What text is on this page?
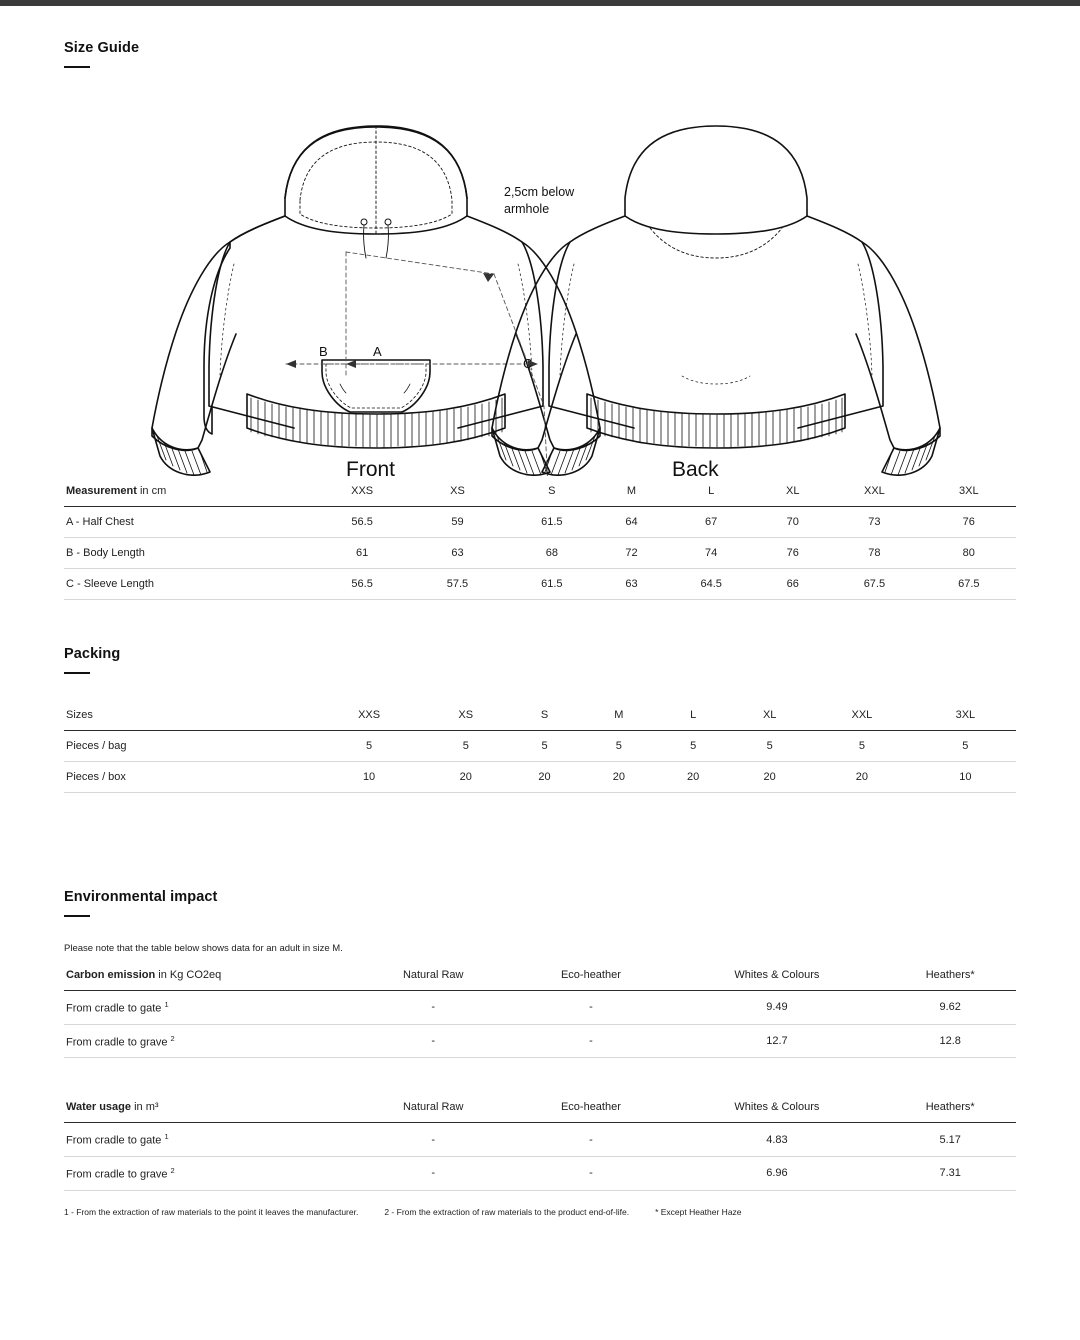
Size Guide
2,5cm below
armhole
B	A
C
Front	Back
Measurement in cm	XXS	XS	S	M	L	XL	XXL	3XL
A - Half Chest	56.5	59	61.5	64	67	70	73	76
B - Body Length	61	63	68	72	74	76	78	80
C - Sleeve Length	56.5	57.5	61.5	63	64.5	66	67.5	67.5
Packing
Sizes	XXS	XS	S	M	L	XL	XXL	3XL
Pieces / bag	5	5	5	5	5	5	5	5
Pieces / box	10	20	20	20	20	20	20	10
Environmental impact
Please note that the table below shows data for an adult in size M.
Carbon emission in Kg CO2eq	Natural Raw	Eco-heather	Whites & Colours	Heathers*
From cradle to gate $^1$	-	-	9.49	9.62
From cradle to grave $^2$	-	-	12.7	12.8
Water usage in m³	Natural Raw	Eco-heather	Whites & Colours	Heathers*
From cradle to gate $^1$	-	-	4.83	5.17
From cradle to grave $^2$	-	-	6.96	7.31
1 - From the extraction of raw materials to the point it leaves the manufacturer.	2 - From the extraction of raw materials to the product end-of-life.	* Except Heather Haze
